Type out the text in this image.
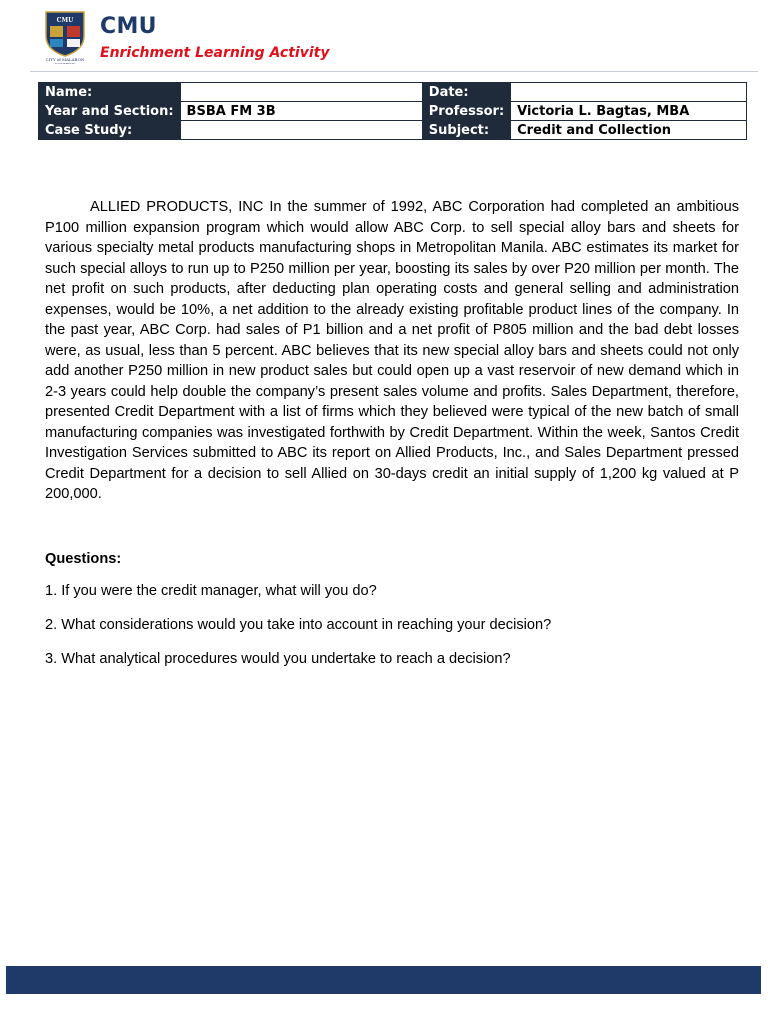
CMU
CITY of MALABON
UNIVERSITY
CMU
Enrichment Learning Activity
Name:		Date:	
Year and Section:	BSBA FM 3B	Professor:	Victoria L. Bagtas, MBA
Case Study:		Subject:	Credit and Collection

ALLIED PRODUCTS, INC In the summer of 1992, ABC Corporation had completed an ambitious P100 million expansion program which would allow ABC Corp. to sell special alloy bars and sheets for various specialty metal products manufacturing shops in Metropolitan Manila. ABC estimates its market for such special alloys to run up to P250 million per year, boosting its sales by over P20 million per month. The net profit on such products, after deducting plan operating costs and general selling and administration expenses, would be 10%, a net addition to the already existing profitable product lines of the company. In the past year, ABC Corp. had sales of P1 billion and a net profit of P805 million and the bad debt losses were, as usual, less than 5 percent. ABC believes that its new special alloy bars and sheets could not only add another P250 million in new product sales but could open up a vast reservoir of new demand which in 2-3 years could help double the company’s present sales volume and profits. Sales Department, therefore, presented Credit Department with a list of firms which they believed were typical of the new batch of small manufacturing companies was investigated forthwith by Credit Department. Within the week, Santos Credit Investigation Services submitted to ABC its report on Allied Products, Inc., and Sales Department pressed Credit Department for a decision to sell Allied on 30-days credit an initial supply of 1,200 kg valued at P 200,000.

Questions:
1. If you were the credit manager, what will you do?
2. What considerations would you take into account in reaching your decision?
3. What analytical procedures would you undertake to reach a decision?
